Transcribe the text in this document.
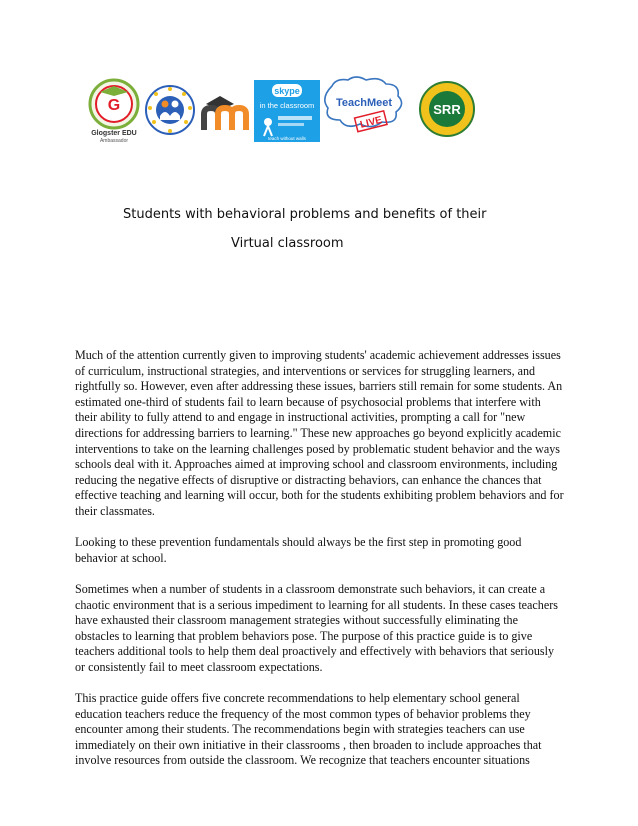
G
Glogster EDU
Ambassador
skype
in the classroom
teach without walls
TeachMeet
LIVE
SRR
Students with behavioral problems and benefits of their
Virtual classroom

Much of the attention currently given to improving students' academic achievement addresses issues of curriculum, instructional strategies, and interventions or services for struggling learners, and rightfully so. However, even after addressing these issues, barriers still remain for some students. An estimated one-third of students fail to learn because of psychosocial problems that interfere with their ability to fully attend to and engage in instructional activities, prompting a call for "new directions for addressing barriers to learning." These new approaches go beyond explicitly academic interventions to take on the learning challenges posed by problematic student behavior and the ways schools deal with it. Approaches aimed at improving school and classroom environments, including reducing the negative effects of disruptive or distracting behaviors, can enhance the chances that effective teaching and learning will occur, both for the students exhibiting problem behaviors and for their classmates.

Looking to these prevention fundamentals should always be the first step in promoting good behavior at school.

Sometimes when a number of students in a classroom demonstrate such behaviors, it can create a chaotic environment that is a serious impediment to learning for all students. In these cases teachers have exhausted their classroom management strategies without successfully eliminating the obstacles to learning that problem behaviors pose. The purpose of this practice guide is to give teachers additional tools to help them deal proactively and effectively with behaviors that seriously or consistently fail to meet classroom expectations.

This practice guide offers five concrete recommendations to help elementary school general education teachers reduce the frequency of the most common types of behavior problems they encounter among their students. The recommendations begin with strategies teachers can use immediately on their own initiative in their classrooms , then broaden to include approaches that involve resources from outside the classroom. We recognize that teachers encounter situations
